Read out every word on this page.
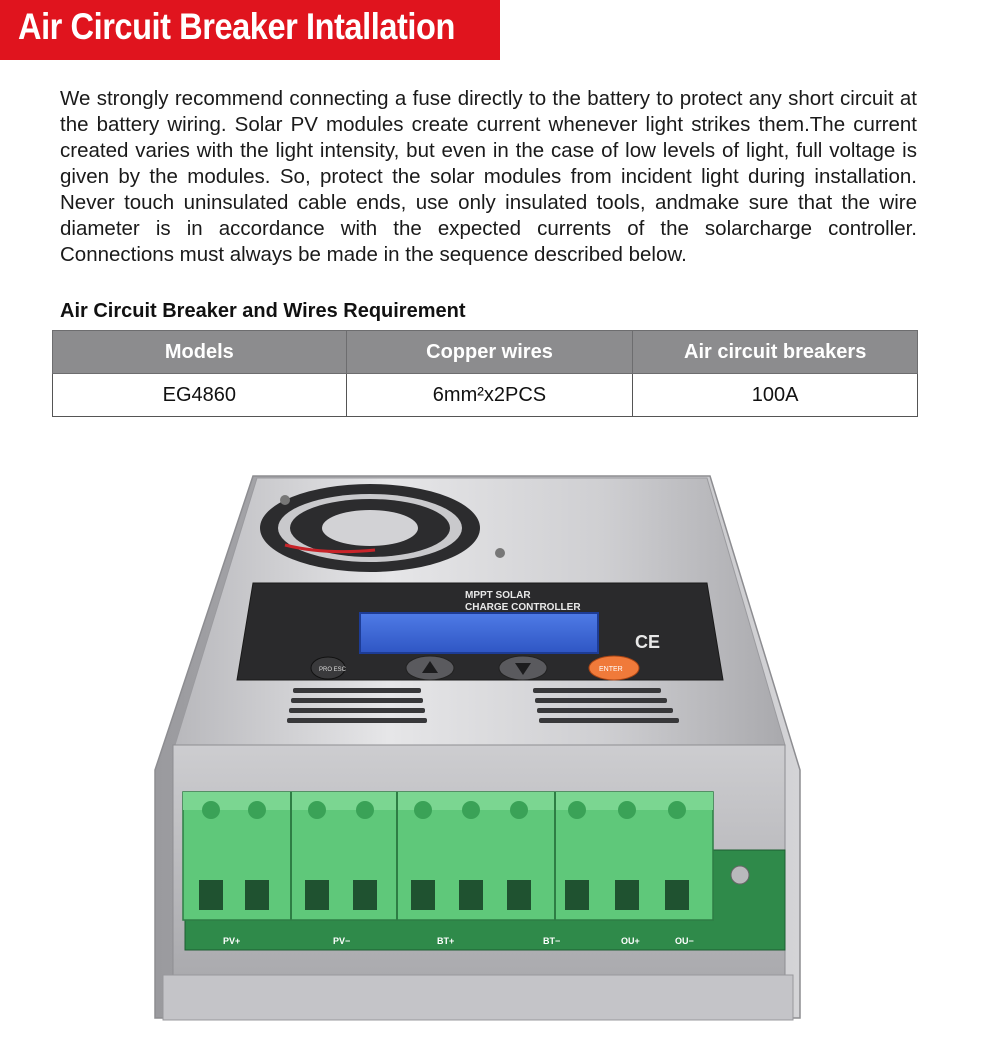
Air Circuit Breaker Intallation

We strongly recommend connecting a fuse directly to the battery to protect any short circuit at the battery wiring. Solar PV modules create current whenever light strikes them.The current created varies with the light intensity, but even in the case of low levels of light, full voltage is given by the modules. So, protect the solar modules from incident light during installation. Never touch uninsulated cable ends, use only insulated tools, andmake sure that the wire diameter is in accordance with the expected currents of the solarcharge controller. Connections must always be made in the sequence described below.

Air Circuit Breaker and Wires Requirement
Models	Copper wires	Air circuit breakers
EG4860	6mm²x2PCS	100A
MPPT SOLAR
CHARGE CONTROLLER
CE
PRO ESC	ENTER
PV+	PV−	BT+	BT−	OU+	OU−
